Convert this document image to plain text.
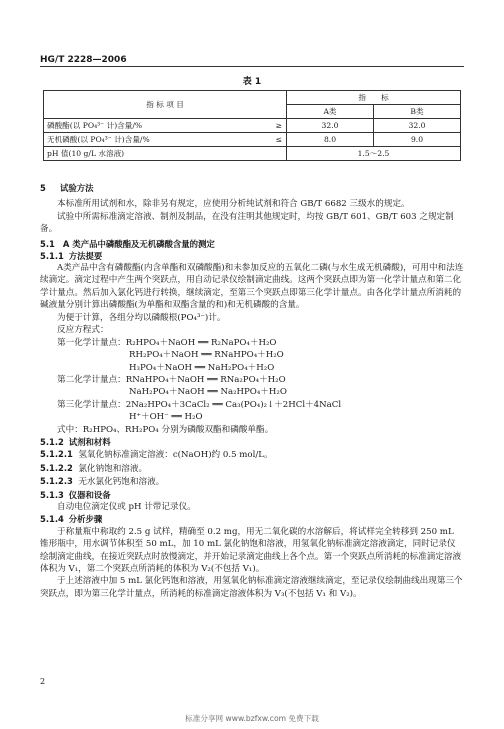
HG/T 2228—2006
表 1
指 标 项 目		指　　标	
		A类	B类
磷酸酯(以 PO₄³⁻ 计)含量/%	≥	32.0	32.0
无机磷酸(以 PO₄³⁻ 计)含量/%	≤	8.0	9.0
pH 值(10 g/L 水溶液)		1.5～2.5	

5 试验方法

本标准所用试剂和水，除非另有规定，应使用分析纯试剂和符合 GB/T 6682 三级水的规定。

试验中所需标准滴定溶液、制剂及制品，在没有注明其他规定时，均按 GB/T 601、GB/T 603 之规定制备。

5.1 A 类产品中磷酸酯及无机磷酸含量的测定

5.1.1 方法提要

A类产品中含有磷酸酯(内含单酯和双磷酸酯)和未参加反应的五氧化二磷(与水生成无机磷酸)，可用中和法连续滴定。滴定过程中产生两个突跃点，用自动记录仪绘制滴定曲线。这两个突跃点即为第一化学计量点和第二化学计量点。然后加入氯化钙进行转换，继续滴定，至第三个突跃点即第三化学计量点。由各化学计量点所消耗的碱液量分别计算出磷酸酯(为单酯和双酯含量的和)和无机磷酸的含量。

为便于计算，各组分均以磷酸根(PO₄³⁻)计。

反应方程式：

第一化学计量点：R₂HPO₄＋NaOH ══ R₂NaPO₄＋H₂O

RH₂PO₄＋NaOH ══ RNaHPO₄＋H₂O

H₃PO₄＋NaOH ══ NaH₂PO₄＋H₂O

第二化学计量点：RNaHPO₄＋NaOH ══ RNa₂PO₄＋H₂O

NaH₂PO₄＋NaOH ══ Na₂HPO₄＋H₂O

第三化学计量点：2Na₂HPO₄＋3CaCl₂ ══ Ca₃(PO₄)₂↓＋2HCl＋4NaCl

H⁺＋OH⁻ ══ H₂O

式中：R₂HPO₄、RH₂PO₄ 分别为磷酸双酯和磷酸单酯。

5.1.2 试剂和材料

5.1.2.1 氢氧化钠标准滴定溶液：c(NaOH)约 0.5 mol/L。

5.1.2.2 氯化钠饱和溶液。

5.1.2.3 无水氯化钙饱和溶液。

5.1.3 仪器和设备

自动电位滴定仪或 pH 计带记录仪。

5.1.4 分析步骤

于称量瓶中称取约 2.5 g 试样，精确至 0.2 mg，用无二氧化碳的水溶解后，将试样完全转移到 250 mL 锥形瓶中，用水调节体积至 50 mL，加 10 mL 氯化钠饱和溶液，用氢氧化钠标准滴定溶液滴定，同时记录仪绘制滴定曲线，在接近突跃点时放慢滴定，并开始记录滴定曲线上各个点。第一个突跃点所消耗的标准滴定溶液体积为 V₁，第二个突跃点所消耗的体积为 V₂(不包括 V₁)。

于上述溶液中加 5 mL 氯化钙饱和溶液，用氢氧化钠标准滴定溶液继续滴定，至记录仪绘制曲线出现第三个突跃点，即为第三化学计量点，所消耗的标准滴定溶液体积为 V₃(不包括 V₁ 和 V₂)。

2
标准分享网 www.bzfxw.com 免费下载
